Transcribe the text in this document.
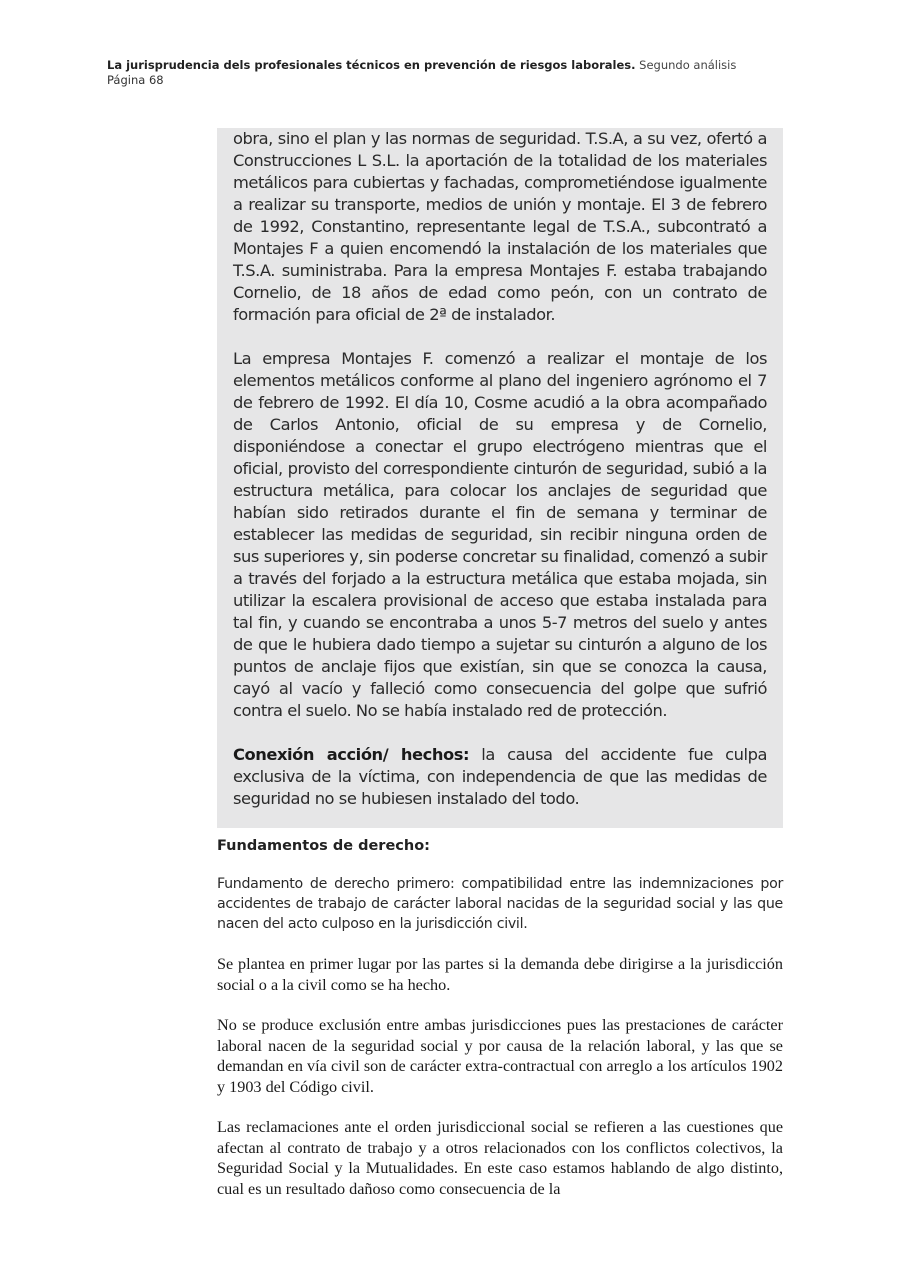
La jurisprudencia dels profesionales técnicos en prevención de riesgos laborales. Segundo análisis
Página 68

obra, sino el plan y las normas de seguridad. T.S.A, a su vez, ofertó a Construcciones L S.L. la aportación de la totalidad de los materiales metálicos para cubiertas y fachadas, comprometiéndose igualmente a realizar su transporte, medios de unión y montaje. El 3 de febrero de 1992, Constantino, representante legal de T.S.A., subcontrató a Montajes F a quien encomendó la instalación de los materiales que T.S.A. suministraba. Para la empresa Montajes F. estaba trabajando Cornelio, de 18 años de edad como peón, con un contrato de formación para oficial de 2ª de instalador.

La empresa Montajes F. comenzó a realizar el montaje de los elementos metálicos conforme al plano del ingeniero agrónomo el 7 de febrero de 1992. El día 10, Cosme acudió a la obra acompañado de Carlos Antonio, oficial de su empresa y de Cornelio, disponiéndose a conectar el grupo electrógeno mientras que el oficial, provisto del correspondiente cinturón de seguridad, subió a la estructura metálica, para colocar los anclajes de seguridad que habían sido retirados durante el fin de semana y terminar de establecer las medidas de seguridad, sin recibir ninguna orden de sus superiores y, sin poderse concretar su finalidad, comenzó a subir a través del forjado a la estructura metálica que estaba mojada, sin utilizar la escalera provisional de acceso que estaba instalada para tal fin, y cuando se encontraba a unos 5-7 metros del suelo y antes de que le hubiera dado tiempo a sujetar su cinturón a alguno de los puntos de anclaje fijos que existían, sin que se conozca la causa, cayó al vacío y falleció como consecuencia del golpe que sufrió contra el suelo. No se había instalado red de protección.

Conexión acción/ hechos: la causa del accidente fue culpa exclusiva de la víctima, con independencia de que las medidas de seguridad no se hubiesen instalado del todo.

Fundamentos de derecho:

Fundamento de derecho primero: compatibilidad entre las indemnizaciones por accidentes de trabajo de carácter laboral nacidas de la seguridad social y las que nacen del acto culposo en la jurisdicción civil.

Se plantea en primer lugar por las partes si la demanda debe dirigirse a la jurisdicción social o a la civil como se ha hecho.

No se produce exclusión entre ambas jurisdicciones pues las prestaciones de carácter laboral nacen de la seguridad social y por causa de la relación laboral, y las que se demandan en vía civil son de carácter extra-contractual con arreglo a los artículos 1902 y 1903 del Código civil.

Las reclamaciones ante el orden jurisdiccional social se refieren a las cuestiones que afectan al contrato de trabajo y a otros relacionados con los conflictos colectivos, la Seguridad Social y la Mutualidades. En este caso estamos hablando de algo distinto, cual es un resultado dañoso como consecuencia de la
